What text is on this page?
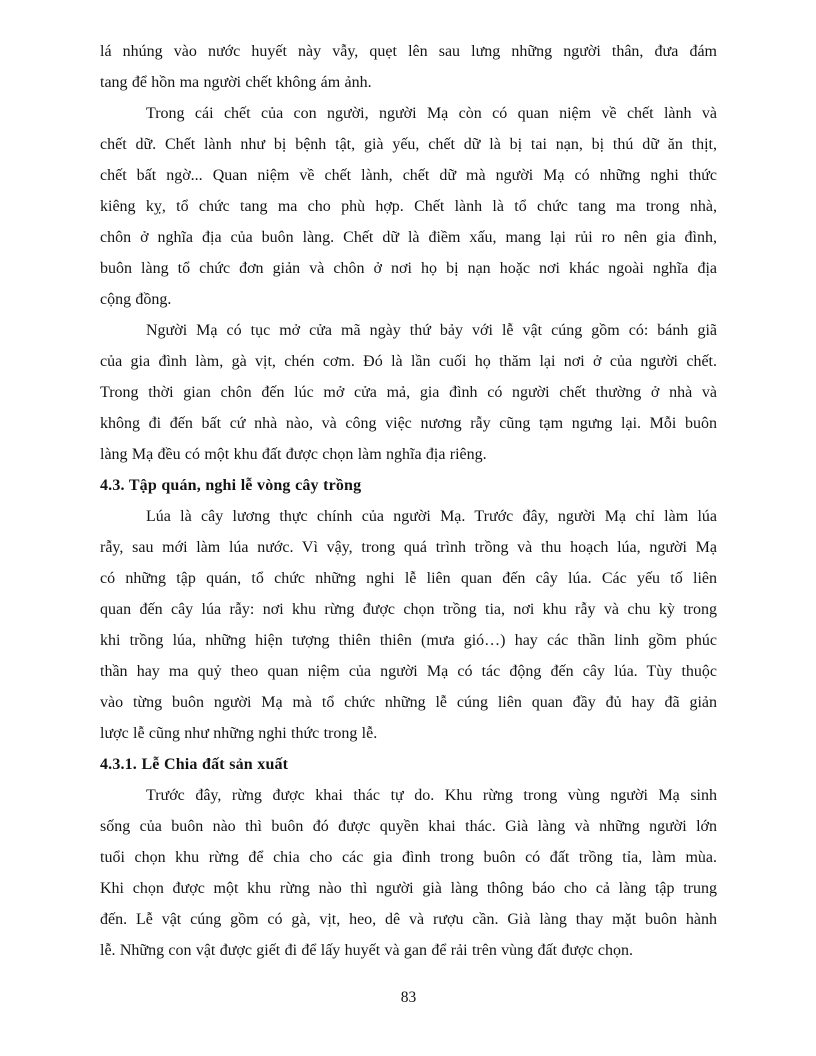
lá nhúng vào nước huyết này vẫy, quẹt lên sau lưng những người thân, đưa đám
tang để hồn ma người chết không ám ảnh.
Trong cái chết của con người, người Mạ còn có quan niệm về chết lành và
chết dữ. Chết lành như bị bệnh tật, già yếu, chết dữ là bị tai nạn, bị thú dữ ăn thịt,
chết bất ngờ... Quan niệm về chết lành, chết dữ mà người Mạ có những nghi thức
kiêng kỵ, tổ chức tang ma cho phù hợp. Chết lành là tổ chức tang ma trong nhà,
chôn ở nghĩa địa của buôn làng. Chết dữ là điềm xấu, mang lại rủi ro nên gia đình,
buôn làng tổ chức đơn giản và chôn ở nơi họ bị nạn hoặc nơi khác ngoài nghĩa địa
cộng đồng.
Người Mạ có tục mở cửa mã ngày thứ bảy với lễ vật cúng gồm có: bánh giã
của gia đình làm, gà vịt, chén cơm. Đó là lần cuối họ thăm lại nơi ở của người chết.
Trong thời gian chôn đến lúc mở cửa mả, gia đình có người chết thường ở nhà và
không đi đến bất cứ nhà nào, và công việc nương rẫy cũng tạm ngưng lại. Mỗi buôn
làng Mạ đều có một khu đất được chọn làm nghĩa địa riêng.
4.3. Tập quán, nghi lễ vòng cây trồng
Lúa là cây lương thực chính của người Mạ. Trước đây, người Mạ chỉ làm lúa
rẫy, sau mới làm lúa nước. Vì vậy, trong quá trình trồng và thu hoạch lúa, người Mạ
có những tập quán, tổ chức những nghi lễ liên quan đến cây lúa. Các yếu tố liên
quan đến cây lúa rẫy: nơi khu rừng được chọn trồng tia, nơi khu rẫy và chu kỳ trong
khi trồng lúa, những hiện tượng thiên thiên (mưa gió…) hay các thần linh gồm phúc
thần hay ma quỷ theo quan niệm của người Mạ có tác động đến cây lúa. Tùy thuộc
vào từng buôn người Mạ mà tổ chức những lễ cúng liên quan đầy đủ hay đã giản
lược lễ cũng như những nghi thức trong lễ.
4.3.1. Lễ Chia đất sản xuất
Trước đây, rừng được khai thác tự do. Khu rừng trong vùng người Mạ sinh
sống của buôn nào thì buôn đó được quyền khai thác. Già làng và những người lớn
tuổi chọn khu rừng để chia cho các gia đình trong buôn có đất trồng tỉa, làm mùa.
Khi chọn được một khu rừng nào thì người già làng thông báo cho cả làng tập trung
đến. Lễ vật cúng gồm có gà, vịt, heo, dê và rượu cần. Già làng thay mặt buôn hành
lễ. Những con vật được giết đi để lấy huyết và gan để rải trên vùng đất được chọn.
83
